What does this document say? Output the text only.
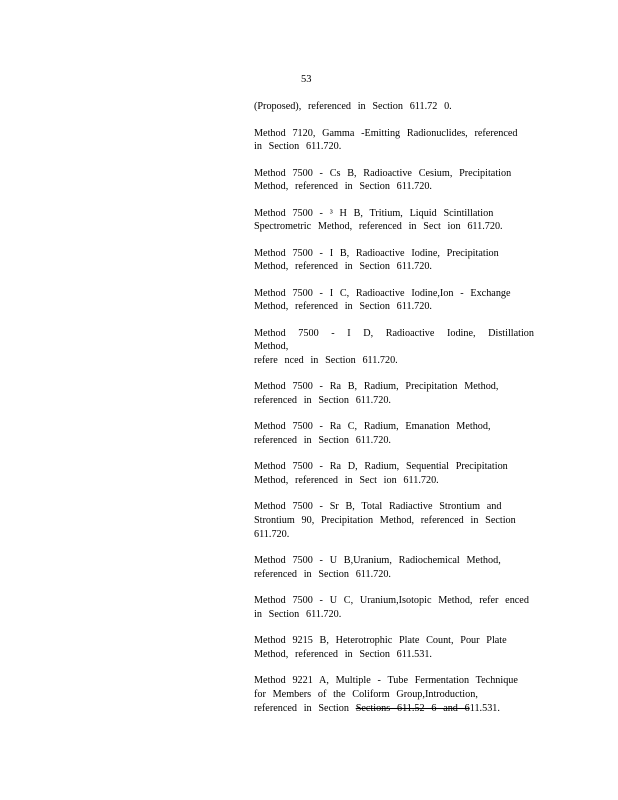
53

(Proposed), referenced in Section 611.72 0.

Method 7120, Gamma -Emitting Radionuclides, referenced
in Section 611.720.

Method 7500 - Cs B, Radioactive Cesium, Precipitation
Method, referenced in Section 611.720.

Method 7500 - ³ H B, Tritium, Liquid Scintillation
Spectrometric Method, referenced in Sect ion 611.720.

Method 7500 - I B, Radioactive Iodine, Precipitation
Method, referenced in Section 611.720.

Method 7500 - I C, Radioactive Iodine,Ion - Exchange
Method, referenced in Section 611.720.

Method 7500 - I D, Radioactive Iodine, Distillation Method,
refere nced in Section 611.720.

Method 7500 - Ra B, Radium, Precipitation Method,
referenced in Section 611.720.

Method 7500 - Ra C, Radium, Emanation Method,
referenced in Section 611.720.

Method 7500 - Ra D, Radium, Sequential Precipitation
Method, referenced in Sect ion 611.720.

Method 7500 - Sr B, Total Radiactive Strontium and
Strontium 90, Precipitation Method, referenced in Section
611.720.

Method 7500 - U B,Uranium, Radiochemical Method,
referenced in Section 611.720.

Method 7500 - U C, Uranium,Isotopic Method, refer enced
in Section 611.720.

Method 9215 B, Heterotrophic Plate Count, Pour Plate
Method, referenced in Section 611.531.

Method 9221 A, Multiple - Tube Fermentation Technique
for Members of the Coliform Group,Introduction,
referenced in Section Sections 611.52 6 and 611.531.
